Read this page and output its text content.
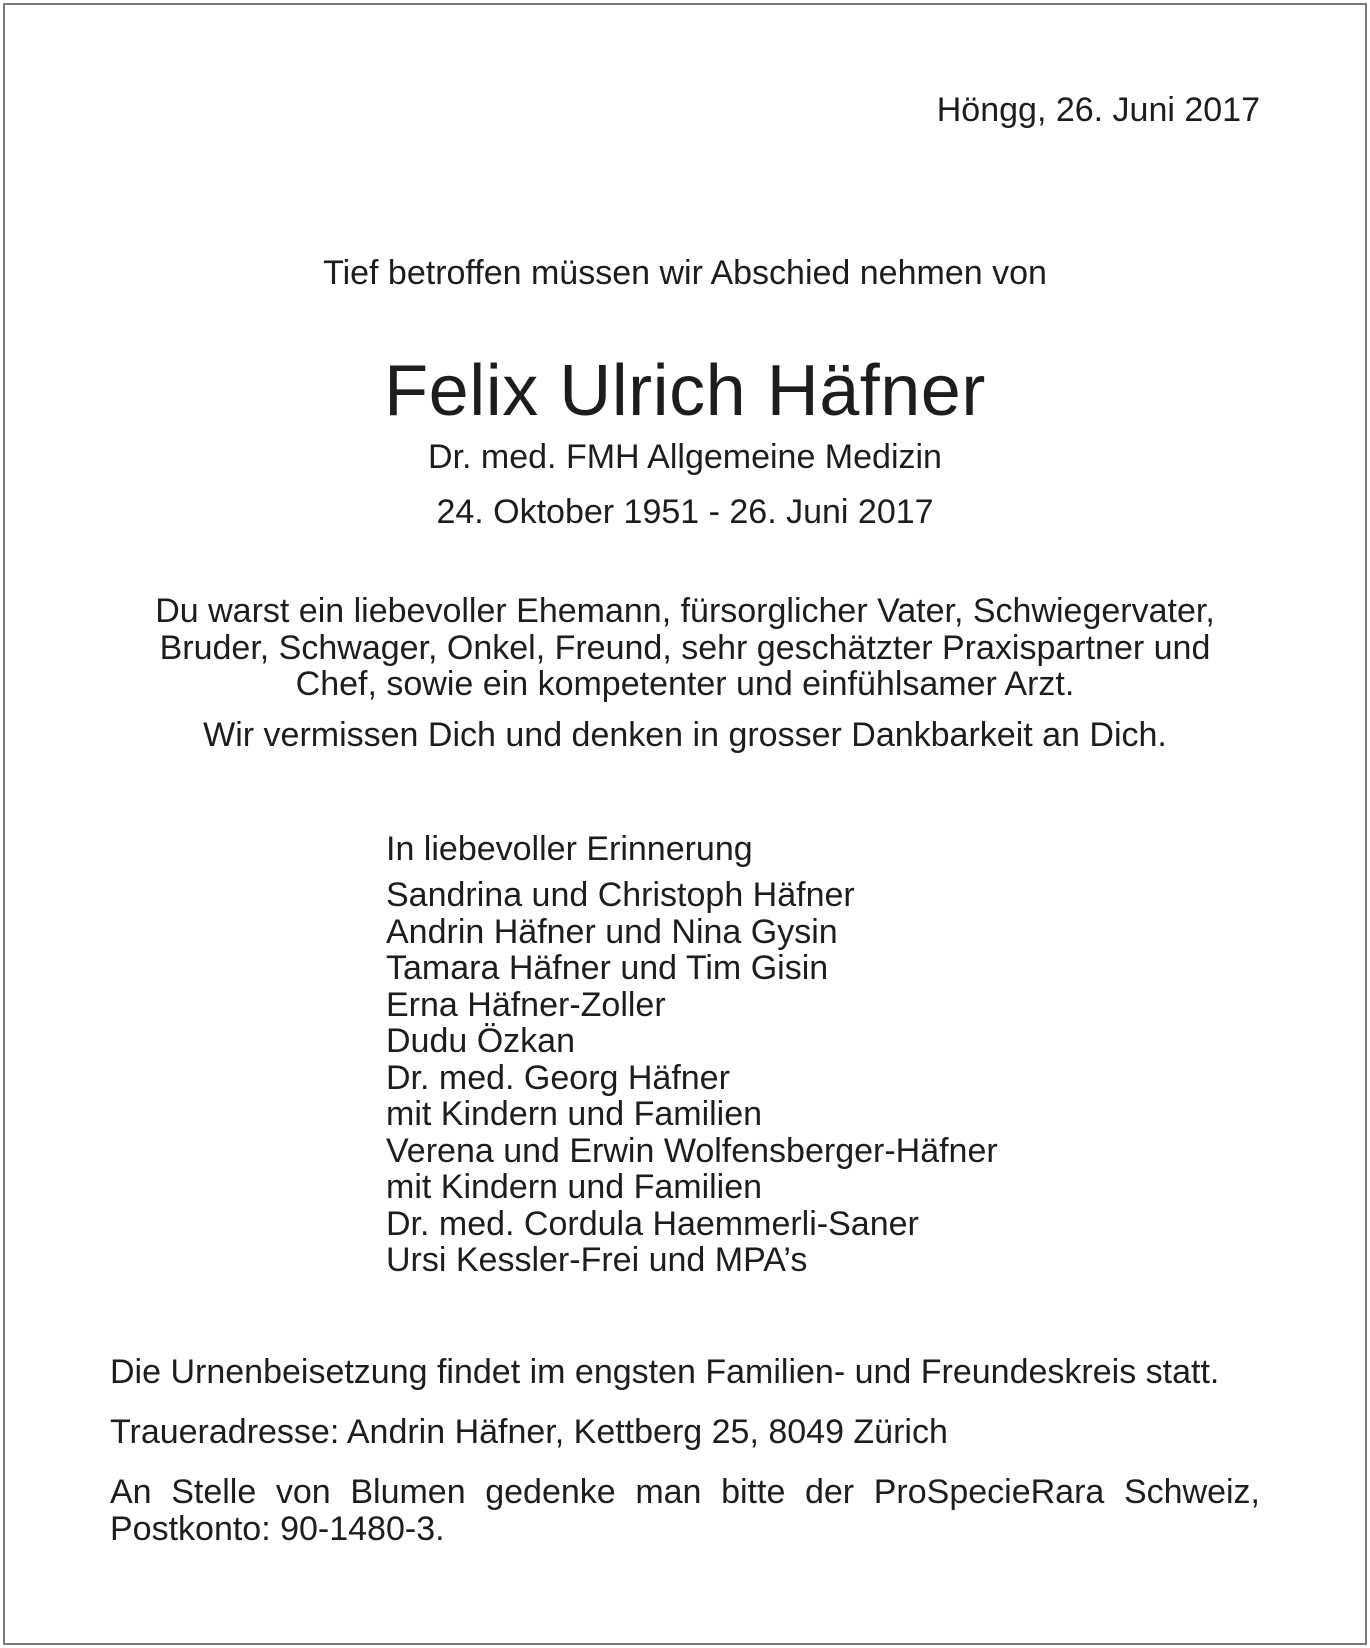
Höngg, 26. Juni 2017
Tief betroffen müssen wir Abschied nehmen von
Felix Ulrich Häfner
Dr. med. FMH Allgemeine Medizin
24. Oktober 1951 - 26. Juni 2017
Du warst ein liebevoller Ehemann, fürsorglicher Vater, Schwiegervater,
Bruder, Schwager, Onkel, Freund, sehr geschätzter Praxispartner und
Chef, sowie ein kompetenter und einfühlsamer Arzt.
Wir vermissen Dich und denken in grosser Dankbarkeit an Dich.
In liebevoller Erinnerung
Sandrina und Christoph Häfner
Andrin Häfner und Nina Gysin
Tamara Häfner und Tim Gisin
Erna Häfner-Zoller
Dudu Özkan
Dr. med. Georg Häfner
mit Kindern und Familien
Verena und Erwin Wolfensberger-Häfner
mit Kindern und Familien
Dr. med. Cordula Haemmerli-Saner
Ursi Kessler-Frei und MPA’s
Die Urnenbeisetzung findet im engsten Familien- und Freundeskreis statt.
Traueradresse: Andrin Häfner, Kettberg 25, 8049 Zürich
An Stelle von Blumen gedenke man bitte der ProSpecieRara Schweiz,
Postkonto: 90-1480-3.
